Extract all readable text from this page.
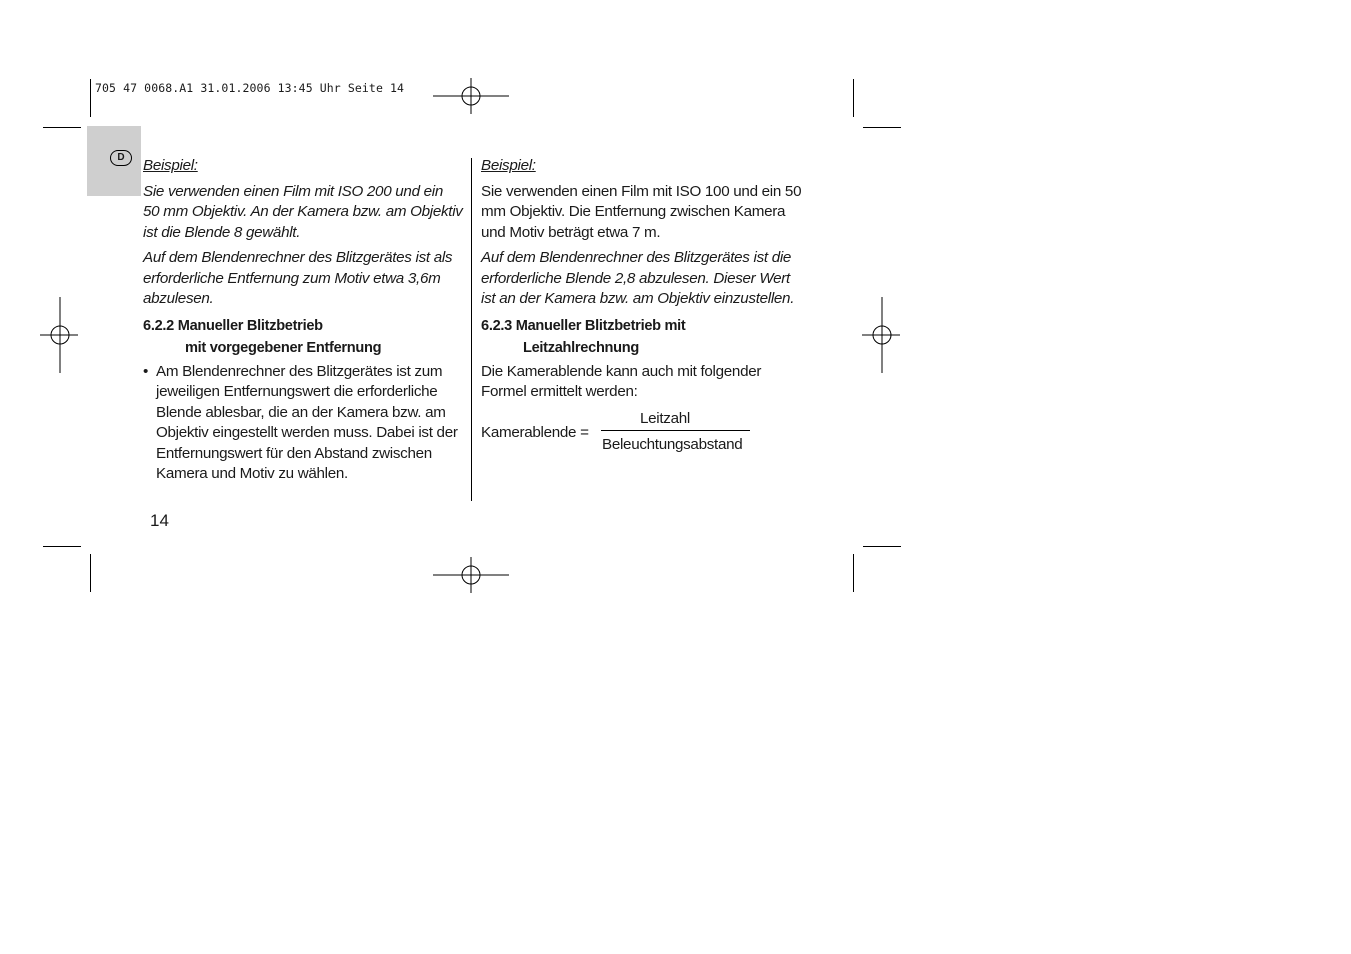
705 47 0068.A1 31.01.2006 13:45 Uhr Seite 14
D	Beispiel:

Sie verwenden einen Film mit ISO 200 und ein 50 mm Objektiv. An der Kamera bzw. am Objektiv ist die Blende 8 gewählt.

Auf dem Blendenrechner des Blitzgerätes ist als erforderliche Entfernung zum Motiv etwa 3,6m abzulesen.

6.2.2 Manueller Blitzbetrieb
mit vorgegebener Entfernung
• Am Blendenrechner des Blitzgerätes ist zum jeweiligen Entfernungswert die erforderliche Blende ablesbar, die an der Kamera bzw. am Objektiv eingestellt werden muss. Dabei ist der Entfernungswert für den Abstand zwischen Kamera und Motiv zu wählen.

Beispiel:

Sie verwenden einen Film mit ISO 100 und ein 50 mm Objektiv. Die Entfernung zwischen Kamera und Motiv beträgt etwa 7 m.

Auf dem Blendenrechner des Blitzgerätes ist die erforderliche Blende 2,8 abzulesen. Dieser Wert ist an der Kamera bzw. am Objektiv einzustellen.

6.2.3 Manueller Blitzbetrieb mit
Leitzahlrechnung

Die Kamerablende kann auch mit folgender Formel ermittelt werden:

Kamerablende =
Leitzahl
Beleuchtungsabstand
14
